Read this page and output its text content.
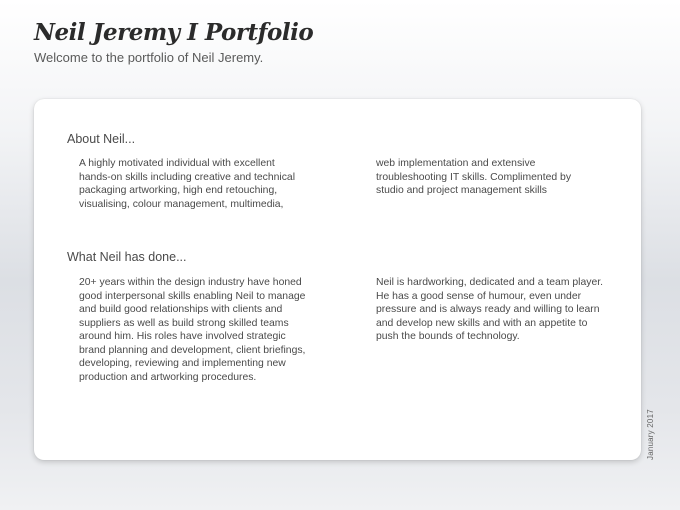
Neil Jeremy I Portfolio
Welcome to the portfolio of Neil Jeremy.
About Neil...
A highly motivated individual with excellent
hands-on skills including creative and technical
packaging artworking, high end retouching,
visualising, colour management, multimedia,
web implementation and extensive
troubleshooting IT skills. Complimented by
studio and project management skills
What Neil has done...
20+ years within the design industry have honed
good interpersonal skills enabling Neil to manage
and build good relationships with clients and
suppliers as well as build strong skilled teams
around him. His roles have involved strategic
brand planning and development, client briefings,
developing, reviewing and implementing new
production and artworking procedures.
Neil is hardworking, dedicated and a team player.
He has a good sense of humour, even under
pressure and is always ready and willing to learn
and develop new skills and with an appetite to
push the bounds of technology.
January 2017
